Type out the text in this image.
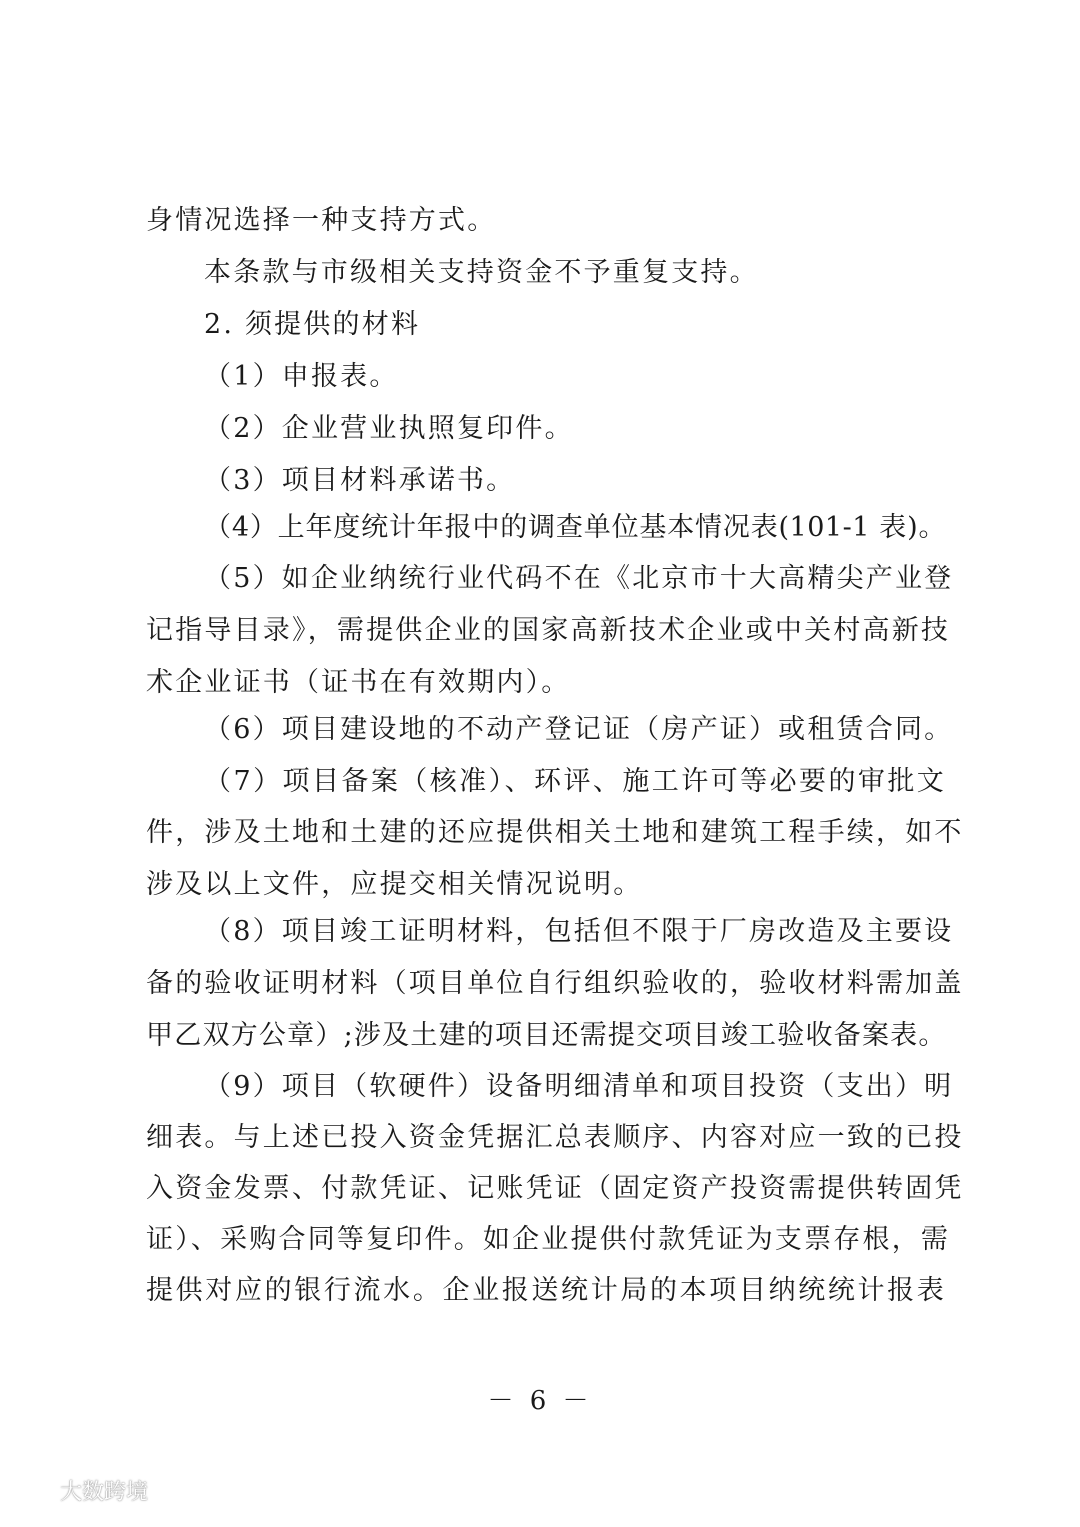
身情况选择一种支持方式。
本条款与市级相关支持资金不予重复支持。
2. 须提供的材料
（1）申报表。
（2）企业营业执照复印件。
（3）项目材料承诺书。
（4）上年度统计年报中的调查单位基本情况表(101-1 表)。
（5）如企业纳统行业代码不在《北京市十大高精尖产业登
记指导目录》，需提供企业的国家高新技术企业或中关村高新技
术企业证书（证书在有效期内）。
（6）项目建设地的不动产登记证（房产证）或租赁合同。
（7）项目备案（核准）、环评、施工许可等必要的审批文
件，涉及土地和土建的还应提供相关土地和建筑工程手续，如不
涉及以上文件，应提交相关情况说明。
（8）项目竣工证明材料，包括但不限于厂房改造及主要设
备的验收证明材料（项目单位自行组织验收的，验收材料需加盖
甲乙双方公章）;涉及土建的项目还需提交项目竣工验收备案表。
（9）项目（软硬件）设备明细清单和项目投资（支出）明
细表。与上述已投入资金凭据汇总表顺序、内容对应一致的已投
入资金发票、付款凭证、记账凭证（固定资产投资需提供转固凭
证）、采购合同等复印件。如企业提供付款凭证为支票存根，需
提供对应的银行流水。企业报送统计局的本项目纳统统计报表
－ 6 －
大数跨境
